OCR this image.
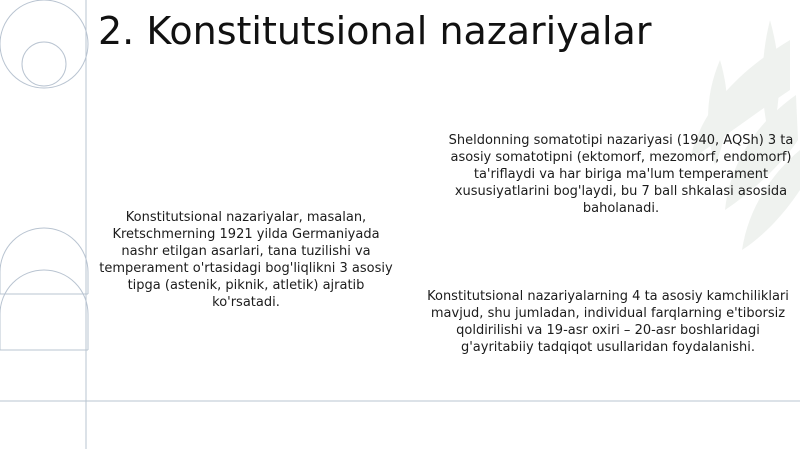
2. Konstitutsional nazariyalar

Konstitutsional nazariyalar, masalan, Kretschmerning 1921 yilda Germaniyada nashr etilgan asarlari, tana tuzilishi va temperament o'rtasidagi bog'liqlikni 3 asosiy tipga (astenik, piknik, atletik) ajratib ko'rsatadi.

Sheldonning somatotipi nazariyasi (1940, AQSh) 3 ta asosiy somatotipni (ektomorf, mezomorf, endomorf) ta'riflaydi va har biriga ma'lum temperament xususiyatlarini bog'laydi, bu 7 ball shkalasi asosida baholanadi.

Konstitutsional nazariyalarning 4 ta asosiy kamchiliklari mavjud, shu jumladan, individual farqlarning e'tiborsiz qoldirilishi va 19-asr oxiri – 20-asr boshlaridagi g'ayritabiiy tadqiqot usullaridan foydalanishi.
